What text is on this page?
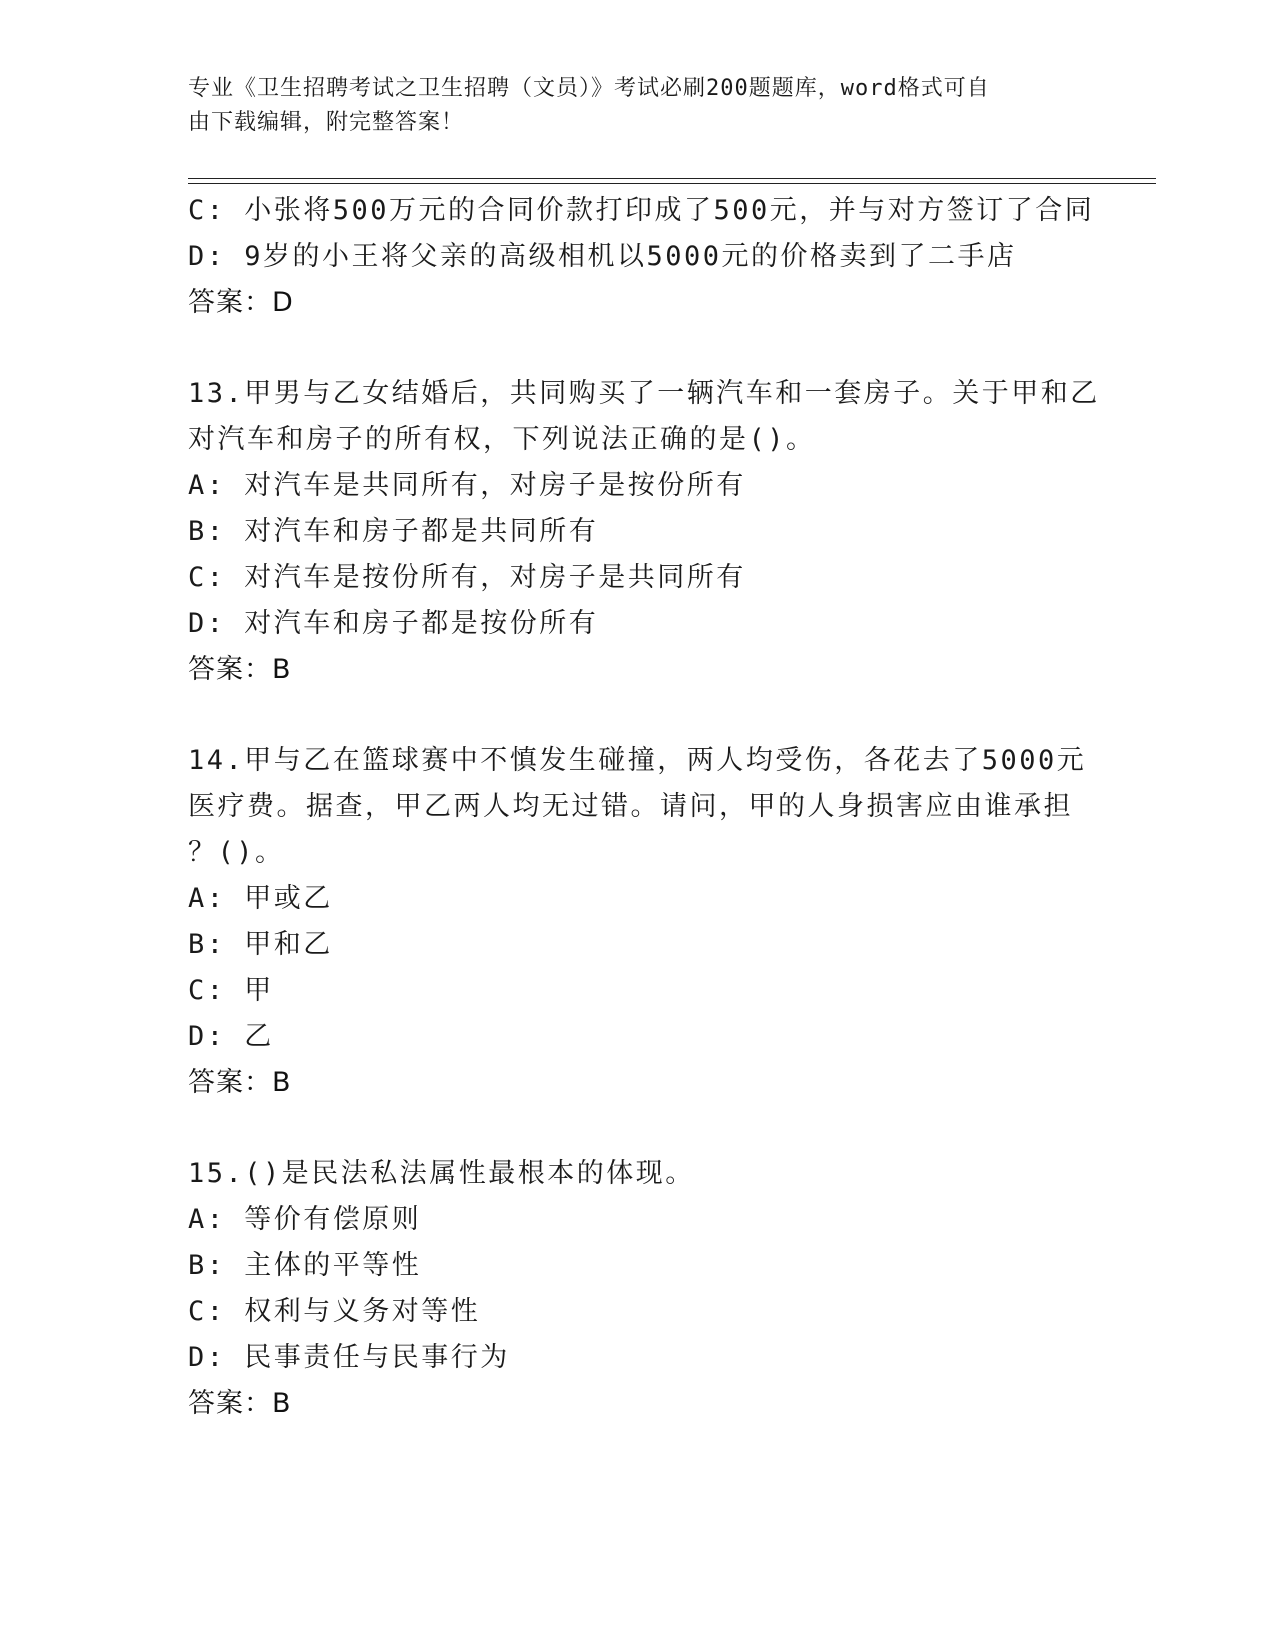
专业《卫生招聘考试之卫生招聘（文员）》考试必刷200题题库，word格式可自
由下载编辑，附完整答案！
C: 小张将500万元的合同价款打印成了500元，并与对方签订了合同
D: 9岁的小王将父亲的高级相机以5000元的价格卖到了二手店
答案：D
13.甲男与乙女结婚后，共同购买了一辆汽车和一套房子。关于甲和乙
对汽车和房子的所有权，下列说法正确的是()。
A: 对汽车是共同所有，对房子是按份所有
B: 对汽车和房子都是共同所有
C: 对汽车是按份所有，对房子是共同所有
D: 对汽车和房子都是按份所有
答案：B
14.甲与乙在篮球赛中不慎发生碰撞，两人均受伤，各花去了5000元
医疗费。据查，甲乙两人均无过错。请问，甲的人身损害应由谁承担
？()。
A: 甲或乙
B: 甲和乙
C: 甲
D: 乙
答案：B
15.()是民法私法属性最根本的体现。
A: 等价有偿原则
B: 主体的平等性
C: 权利与义务对等性
D: 民事责任与民事行为
答案：B
